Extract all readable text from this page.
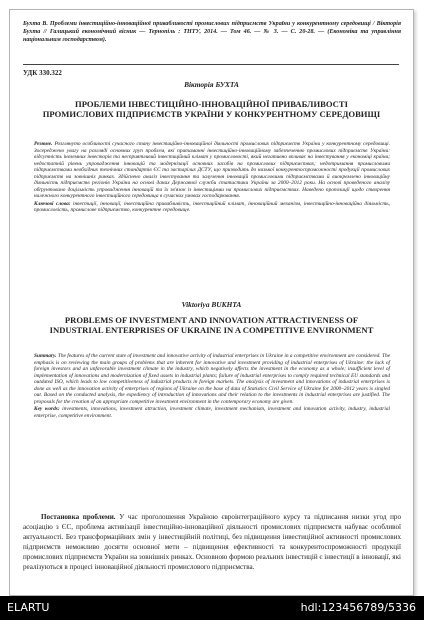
Бухта В. Проблеми інвестиційно-інноваційної привабливості промислових підприємств України у конкурентному середовищі / Вікторія Бухта // Галицький економічний вісник — Тернопіль : ТНТУ, 2014. — Том 46. — № 3. — С. 20-28. — (Економіка та управління національним господарством).
УДК 330.322
Вікторія БУХТА
ПРОБЛЕМИ ІНВЕСТИЦІЙНО-ІННОВАЦІЙНОЇ ПРИВАБЛИВОСТІ ПРОМИСЛОВИХ ПІДПРИЄМСТВ УКРАЇНИ У КОНКУРЕНТНОМУ СЕРЕДОВИЩІ
Резюме. Розглянуто особливості сучасного стану інвестиційно-інноваційної діяльності промислових підприємств України у конкурентному середовищі. Зосереджено увагу на розгляді основних груп проблем, які притаманні інвестиційно-інноваційному забезпеченню промислових підприємств України: відсутність іноземних інвесторів та несприятливий інвестиційний клімат у промисловості, який негативно впливає на інвестування у економіці країни; недостатній рівень упровадження інновацій та модернізації основних засобів на промислових підприємствах; недотримання промисловими підприємствами необхідних технічних стандартів ЄС та застарілих ДСТУ, що призводить до низької конкурентоспроможності продукції промислових підприємств на зовнішніх ринках. Здійснено аналіз інвестування та залучення інновацій промисловими підприємствами й виокремлено інноваційну діяльність підприємств регіонів України на основі даних Державної служби статистики України за 2000–2012 роки. На основі проведеного аналізу обґрунтовано доцільність упровадження інновацій та їх зв'язок із інвестиціями на промислових підприємствах. Наведено пропозиції щодо створення належного конкурентного інвестиційного середовища в сучасних умовах господарювання.
Ключові слова: інвестиції, інновації, інвестиційна привабливість, інвестиційний клімат, інноваційний механізм, інвестиційно-інноваційна діяльність, промисловість, промислове підприємство, конкурентне середовище.
Viktoriya BUKHTA
PROBLEMS OF INVESTMENT AND INNOVATION ATTRACTIVENESS OF INDUSTRIAL ENTERPRISES OF UKRAINE IN A COMPETITIVE ENVIRONMENT
Summary. The features of the current state of investment and innovative activity of industrial enterprises in Ukraine in a competitive environment are considered. The emphasis is on reviewing the main groups of problems that are inherent for innovative and investment providing of industrial enterprises of Ukraine: the lack of foreign investors and an unfavorable investment climate in the industry, which negatively affects the investment in the economy as a whole; insufficient level of implementation of innovations and modernization of fixed assets in industrial plants; failure of industrial enterprises to comply required technical EU standards and outdated ISO, which leads to low competitiveness of industrial products in foreign markets. The analysis of investment and innovations of industrial enterprises is done as well as the innovation activity of enterprises of regions of Ukraine on the base of data of Statistics Civil Service of Ukraine for 2000–2012 years is singled out. Based on the conducted analysis, the expediency of introduction of innovations and their relation to the investments in industrial enterprises are justified. The proposals for the creation of an appropriate competitive investment environment in the contemporary economy are given.
Key words: investments, innovations, investment attraction, investment climate, investment mechanism, investment and innovation activity, industry, industrial enterprise, competitive environment.
Постановка проблеми. У час проголошення Україною євроінтеграційного курсу та підписання низки угод про асоціацію з ЄС, проблема активізації інвестиційно-інноваційної діяльності промислових підприємств набуває особливої актуальності. Без трансформаційних змін у інвестиційній політиці, без підвищення інвестиційної активності промислових підприємств неможливо досягти основної мети – підвищення ефективності та конкурентоспроможності продукції промислових підприємств України на зовнішніх ринках. Основною формою реальних інвестицій є інвестиції в інновації, які реалізуються в процесі інноваційної діяльності промислового підприємства.
ELARTU	hdl:123456789/5336
